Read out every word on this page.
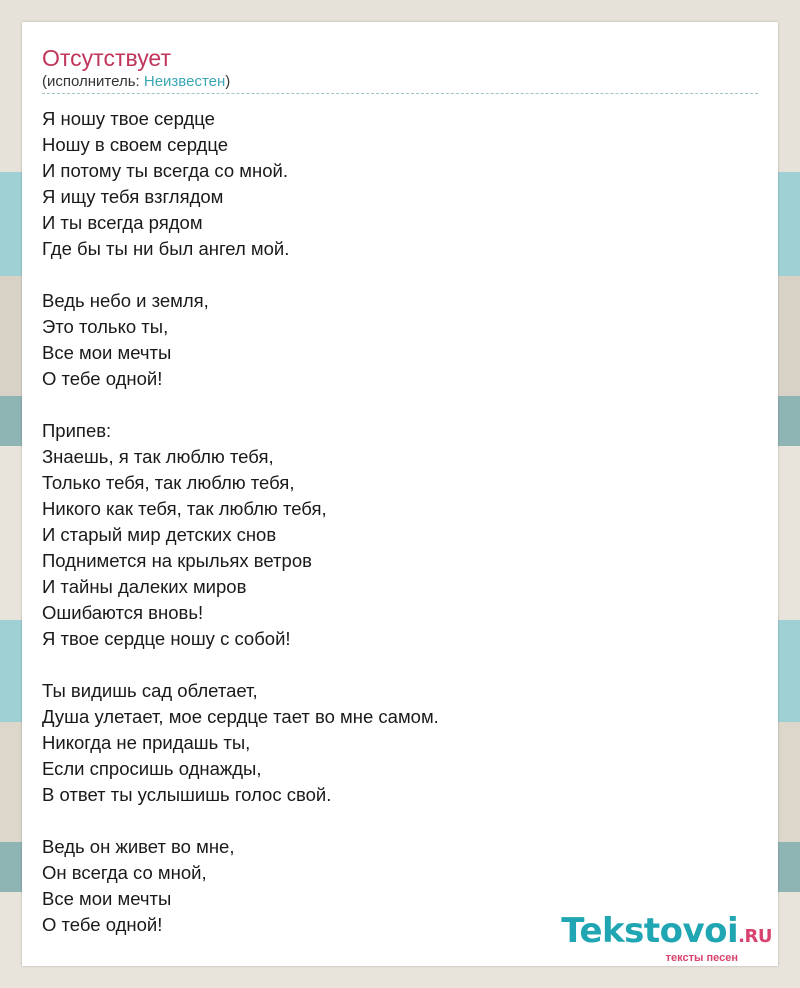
Отсутствует
(исполнитель: Неизвестен)
Я ношу твое сердце
Ношу в своем сердце
И потому ты всегда со мной.
Я ищу тебя взглядом
И ты всегда рядом
Где бы ты ни был ангел мой.
Ведь небо и земля,
Это только ты,
Все мои мечты
О тебе одной!
Припев:
Знаешь, я так люблю тебя,
Только тебя, так люблю тебя,
Никого как тебя, так люблю тебя,
И старый мир детских снов
Поднимется на крыльях ветров
И тайны далеких миров
Ошибаются вновь!
Я твое сердце ношу с собой!
Ты видишь сад облетает,
Душа улетает, мое сердце тает во мне самом.
Никогда не придашь ты,
Если спросишь однажды,
В ответ ты услышишь голос свой.
Ведь он живет во мне,
Он всегда со мной,
Все мои мечты
О тебе одной!	Tekstovoi.RU
тексты песен
